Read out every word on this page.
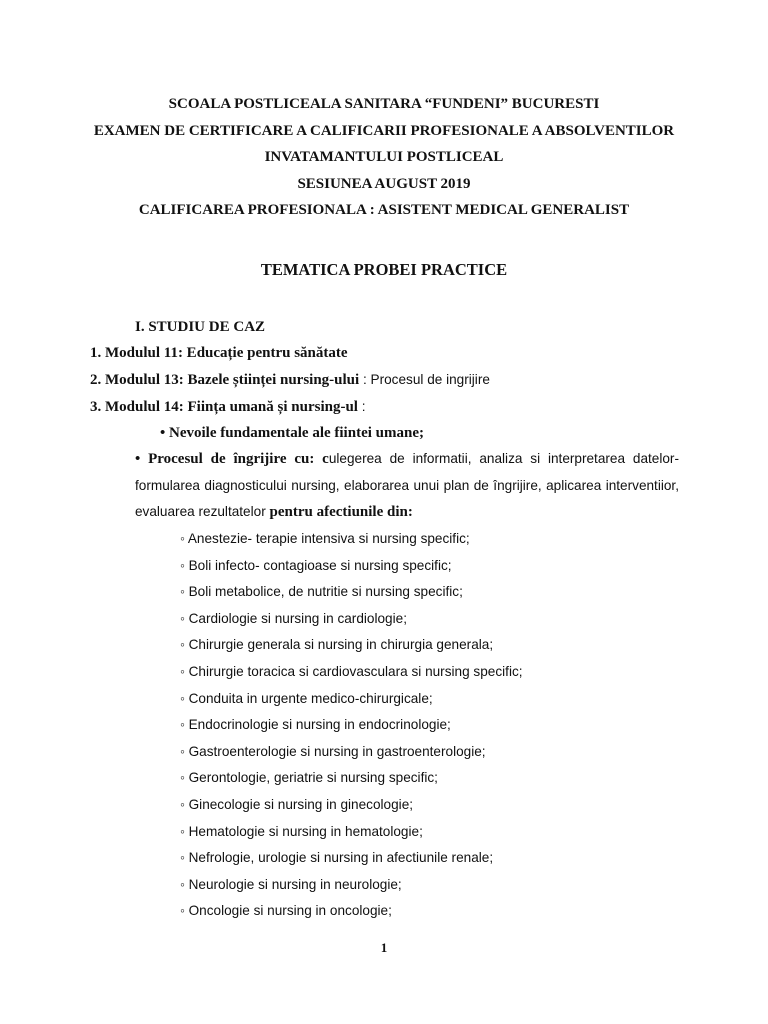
SCOALA POSTLICEALA SANITARA “FUNDENI” BUCURESTI
EXAMEN DE CERTIFICARE A CALIFICARII PROFESIONALE A ABSOLVENTILOR
INVATAMANTULUI POSTLICEAL
SESIUNEA AUGUST 2019
CALIFICAREA PROFESIONALA : ASISTENT MEDICAL GENERALIST
TEMATICA PROBEI PRACTICE
I. STUDIU DE CAZ
1. Modulul 11: Educație pentru sănătate
2. Modulul 13: Bazele științei nursing-ului : Procesul de ingrijire
3. Modulul 14: Ființa umană și nursing-ul :
• Nevoile fundamentale ale fiintei umane;
• Procesul de îngrijire cu: culegerea de informatii, analiza si interpretarea datelor- formularea diagnosticului nursing, elaborarea unui plan de îngrijire, aplicarea interventiior, evaluarea rezultatelor pentru afectiunile din:
◦ Anestezie- terapie intensiva si nursing specific;
◦ Boli infecto- contagioase si nursing specific;
◦ Boli metabolice, de nutritie si nursing specific;
◦ Cardiologie si nursing in cardiologie;
◦ Chirurgie generala si nursing in chirurgia generala;
◦ Chirurgie toracica si cardiovasculara si nursing specific;
◦ Conduita in urgente medico-chirurgicale;
◦ Endocrinologie si nursing in endocrinologie;
◦ Gastroenterologie si nursing in gastroenterologie;
◦ Gerontologie, geriatrie si nursing specific;
◦ Ginecologie si nursing in ginecologie;
◦ Hematologie si nursing in hematologie;
◦ Nefrologie, urologie si nursing in afectiunile renale;
◦ Neurologie si nursing in neurologie;
◦ Oncologie si nursing in oncologie;
1
